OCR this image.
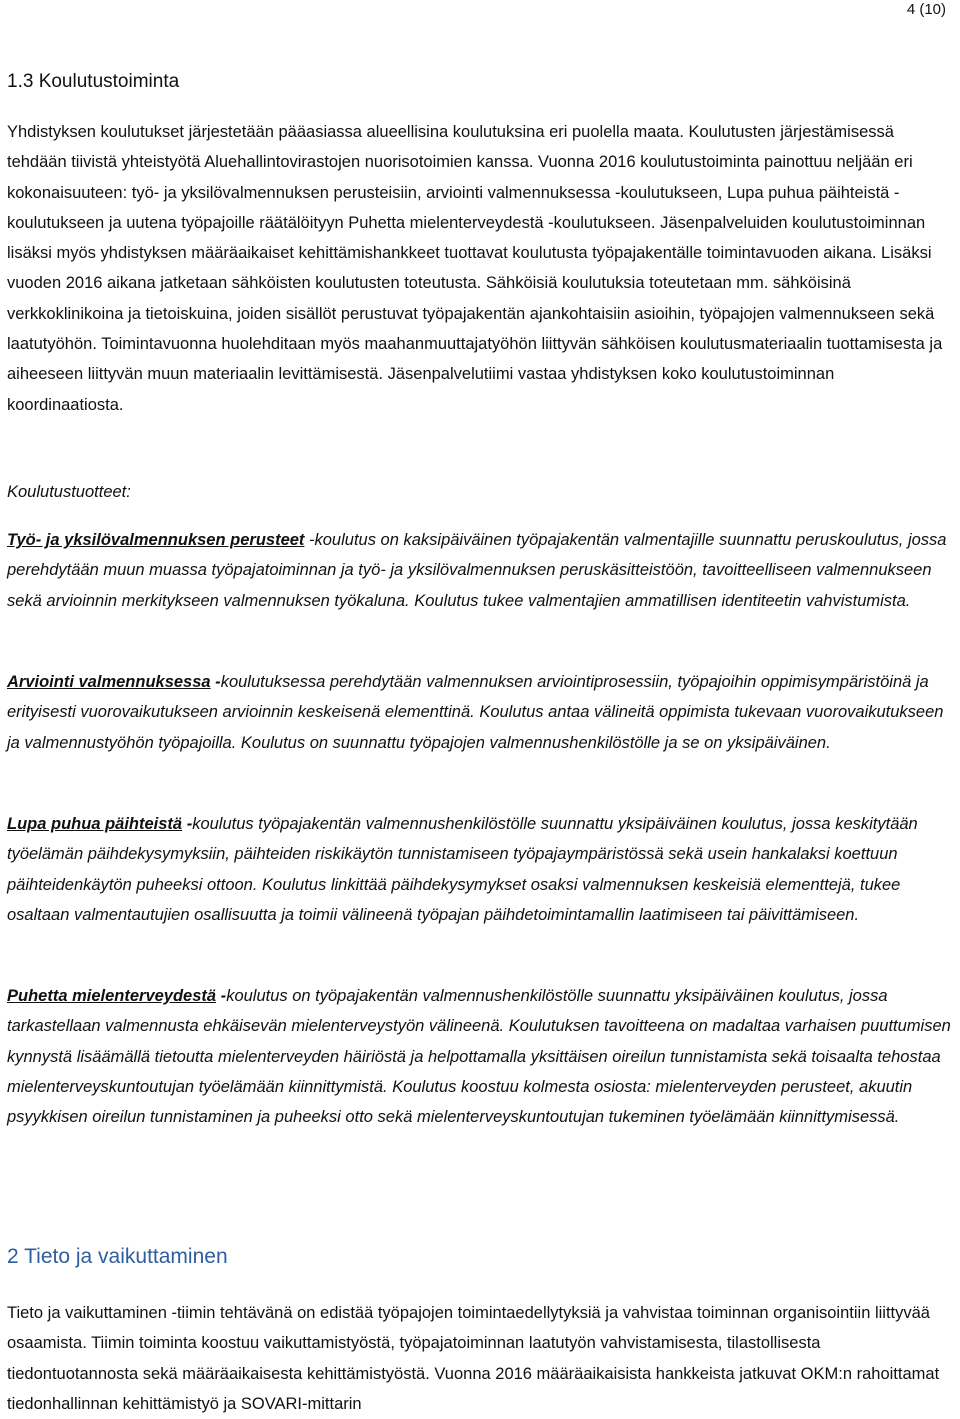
4 (10)
1.3 Koulutustoiminta

Yhdistyksen koulutukset järjestetään pääasiassa alueellisina koulutuksina eri puolella maata. Koulutusten järjestämisessä tehdään tiivistä yhteistyötä Aluehallintovirastojen nuorisotoimien kanssa. Vuonna 2016 koulutustoiminta painottuu neljään eri kokonaisuuteen: työ- ja yksilövalmennuksen perusteisiin, arviointi valmennuksessa -koulutukseen, Lupa puhua päihteistä -koulutukseen ja uutena työpajoille räätälöityyn Puhetta mielenterveydestä -koulutukseen. Jäsenpalveluiden koulutustoiminnan lisäksi myös yhdistyksen määräaikaiset kehittämishankkeet tuottavat koulutusta työpajakentälle toimintavuoden aikana. Lisäksi vuoden 2016 aikana jatketaan sähköisten koulutusten toteutusta. Sähköisiä koulutuksia toteutetaan mm. sähköisinä verkkoklinikoina ja tietoiskuina, joiden sisällöt perustuvat työpajakentän ajankohtaisiin asioihin, työpajojen valmennukseen sekä laatutyöhön. Toimintavuonna huolehditaan myös maahanmuuttajatyöhön liittyvän sähköisen koulutusmateriaalin tuottamisesta ja aiheeseen liittyvän muun materiaalin levittämisestä. Jäsenpalvelutiimi vastaa yhdistyksen koko koulutustoiminnan koordinaatiosta.

Koulutustuotteet:

Työ- ja yksilövalmennuksen perusteet -koulutus on kaksipäiväinen työpajakentän valmentajille suunnattu peruskoulutus, jossa perehdytään muun muassa työpajatoiminnan ja työ- ja yksilövalmennuksen peruskäsitteistöön, tavoitteelliseen valmennukseen sekä arvioinnin merkitykseen valmennuksen työkaluna. Koulutus tukee valmentajien ammatillisen identiteetin vahvistumista.

Arviointi valmennuksessa -koulutuksessa perehdytään valmennuksen arviointiprosessiin, työpajoihin oppimisympäristöinä ja erityisesti vuorovaikutukseen arvioinnin keskeisenä elementtinä. Koulutus antaa välineitä oppimista tukevaan vuorovaikutukseen ja valmennustyöhön työpajoilla. Koulutus on suunnattu työpajojen valmennushenkilöstölle ja se on yksipäiväinen.

Lupa puhua päihteistä -koulutus työpajakentän valmennushenkilöstölle suunnattu yksipäiväinen koulutus, jossa keskitytään työelämän päihdekysymyksiin, päihteiden riskikäytön tunnistamiseen työpajaympäristössä sekä usein hankalaksi koettuun päihteidenkäytön puheeksi ottoon. Koulutus linkittää päihdekysymykset osaksi valmennuksen keskeisiä elementtejä, tukee osaltaan valmentautujien osallisuutta ja toimii välineenä työpajan päihdetoimintamallin laatimiseen tai päivittämiseen.

Puhetta mielenterveydestä -koulutus on työpajakentän valmennushenkilöstölle suunnattu yksipäiväinen koulutus, jossa tarkastellaan valmennusta ehkäisevän mielenterveystyön välineenä. Koulutuksen tavoitteena on madaltaa varhaisen puuttumisen kynnystä lisäämällä tietoutta mielenterveyden häiriöstä ja helpottamalla yksittäisen oireilun tunnistamista sekä toisaalta tehostaa mielenterveyskuntoutujan työelämään kiinnittymistä. Koulutus koostuu kolmesta osiosta: mielenterveyden perusteet, akuutin psyykkisen oireilun tunnistaminen ja puheeksi otto sekä mielenterveyskuntoutujan tukeminen työelämään kiinnittymisessä.

2 Tieto ja vaikuttaminen

Tieto ja vaikuttaminen -tiimin tehtävänä on edistää työpajojen toimintaedellytyksiä ja vahvistaa toiminnan organisointiin liittyvää osaamista. Tiimin toiminta koostuu vaikuttamistyöstä, työpajatoiminnan laatutyön vahvistamisesta, tilastollisesta tiedontuotannosta sekä määräaikaisesta kehittämistyöstä. Vuonna 2016 määräaikaisista hankkeista jatkuvat OKM:n rahoittamat tiedonhallinnan kehittämistyö ja SOVARI-mittarin
